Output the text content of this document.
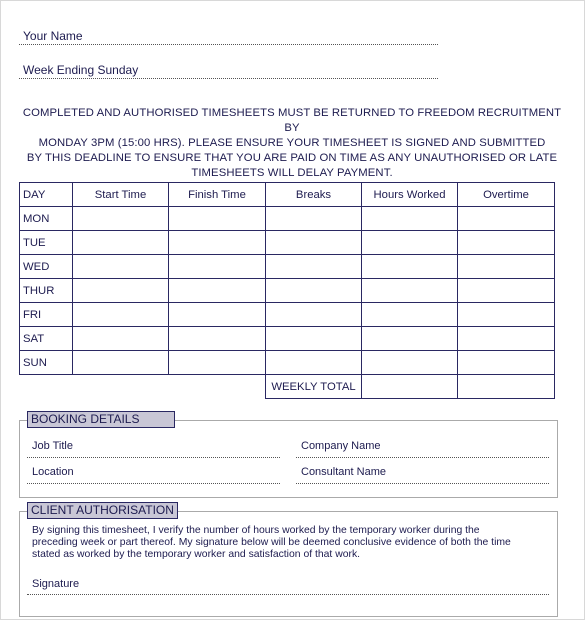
Your Name
Week Ending Sunday
COMPLETED AND AUTHORISED TIMESHEETS MUST BE RETURNED TO FREEDOM RECRUITMENT BY
MONDAY 3PM (15:00 HRS). PLEASE ENSURE YOUR TIMESHEET IS SIGNED AND SUBMITTED
BY THIS DEADLINE TO ENSURE THAT YOU ARE PAID ON TIME AS ANY UNAUTHORISED OR LATE
TIMESHEETS WILL DELAY PAYMENT.
DAY	Start Time	Finish Time	Breaks	Hours Worked	Overtime
MON					
TUE					
WED					
THUR					
FRI					
SAT					
SUN					
			WEEKLY TOTAL		
BOOKING DETAILS
Job Title	Company Name
Location	Consultant Name
CLIENT AUTHORISATION
By signing this timesheet, I verify the number of hours worked by the temporary worker during the
preceding week or part thereof. My signature below will be deemed conclusive evidence of both the time
stated as worked by the temporary worker and satisfaction of that work.
Signature
